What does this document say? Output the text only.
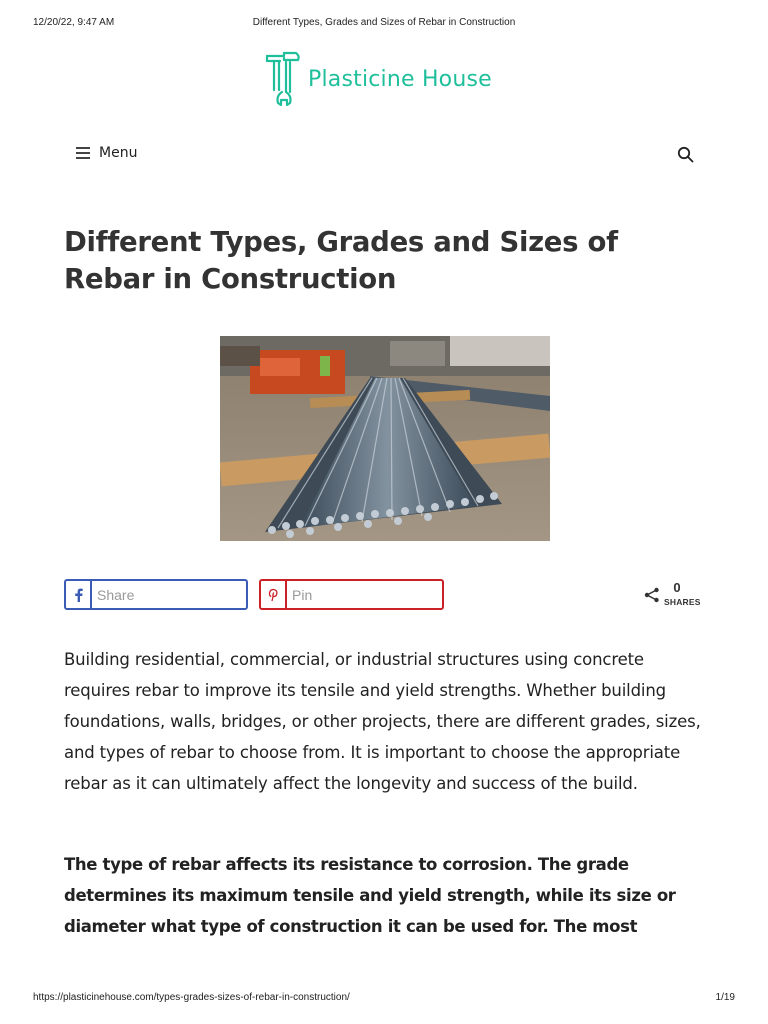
12/20/22, 9:47 AM	Different Types, Grades and Sizes of Rebar in Construction
Plasticine House
Menu
Different Types, Grades and Sizes of Rebar in Construction
Share	Pin	0
SHARES

Building residential, commercial, or industrial structures using concrete requires rebar to improve its tensile and yield strengths. Whether building foundations, walls, bridges, or other projects, there are different grades, sizes, and types of rebar to choose from. It is important to choose the appropriate rebar as it can ultimately affect the longevity and success of the build.

The type of rebar affects its resistance to corrosion. The grade determines its maximum tensile and yield strength, while its size or diameter what type of construction it can be used for. The most

https://plasticinehouse.com/types-grades-sizes-of-rebar-in-construction/	1/19
